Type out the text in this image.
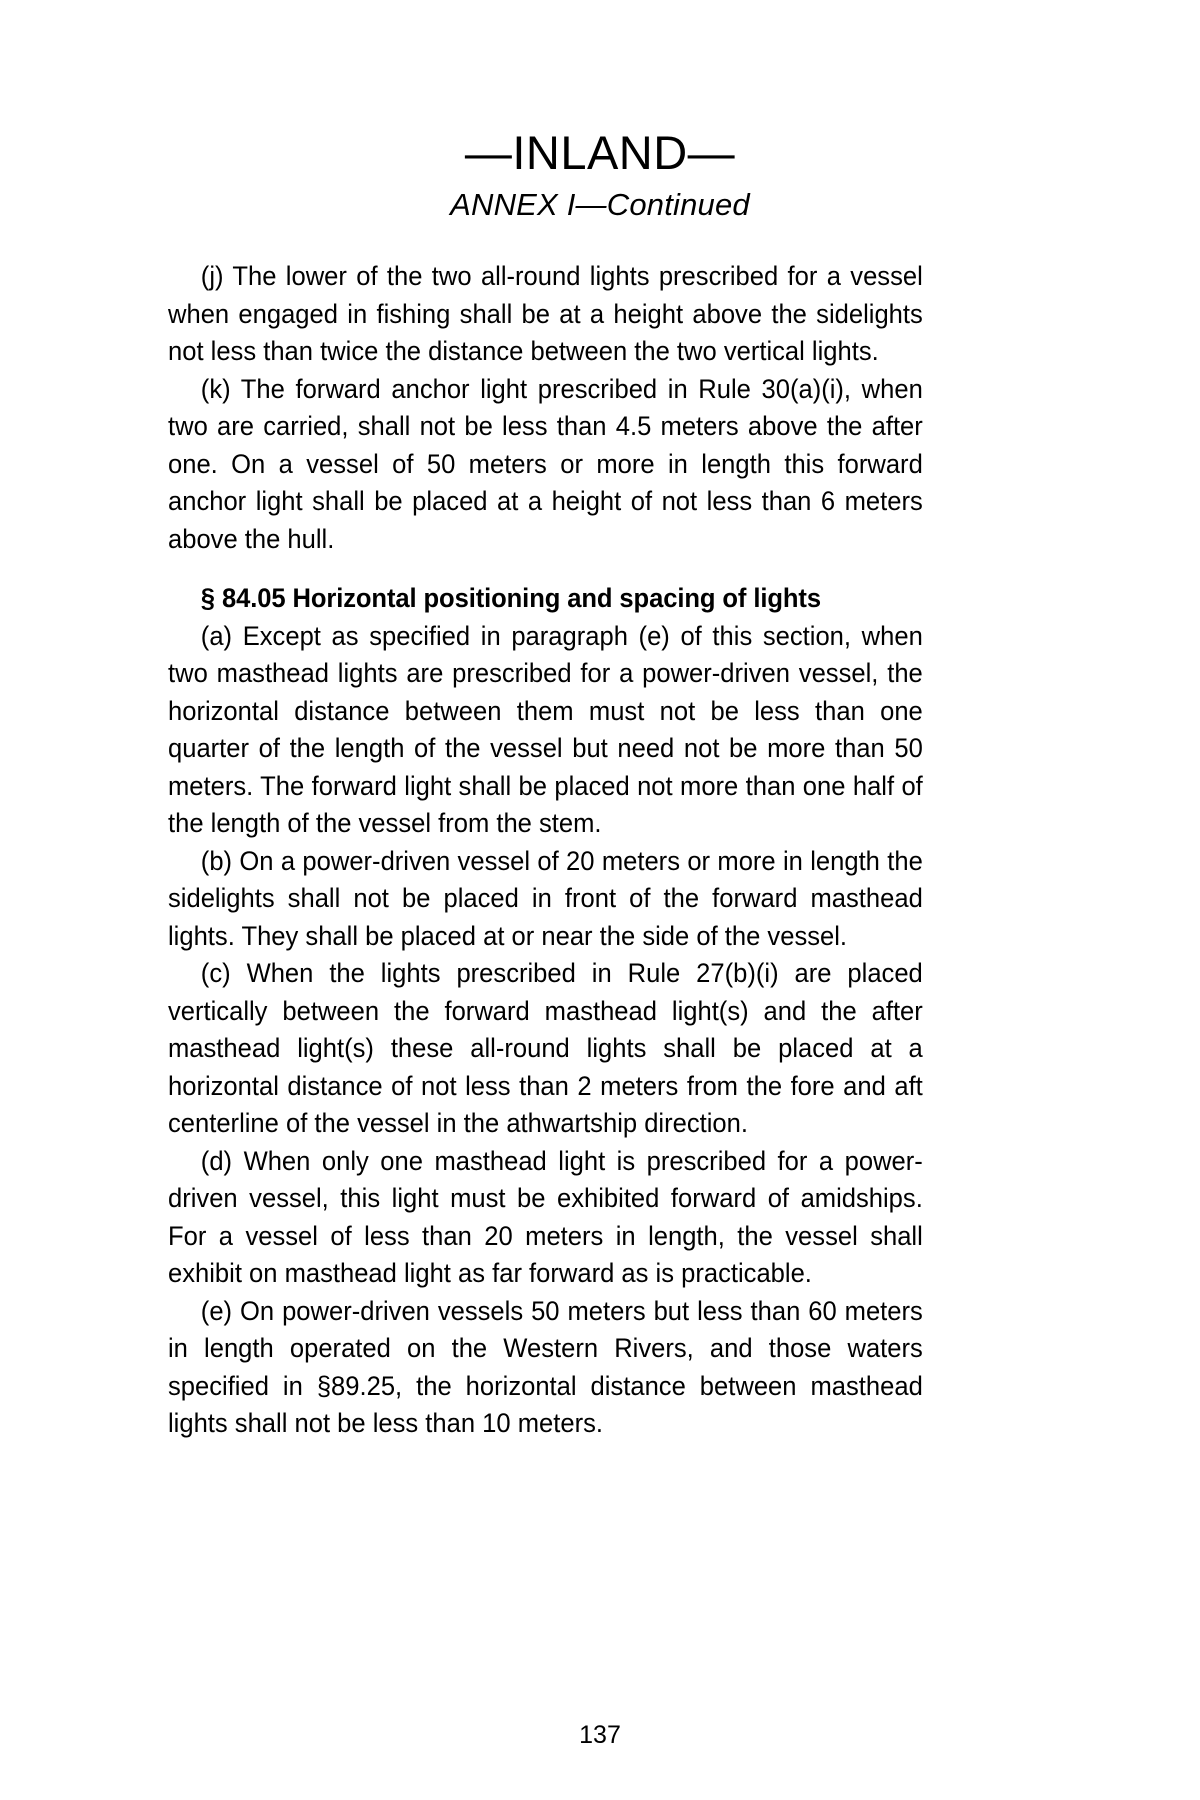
—INLAND—
ANNEX I—Continued

(j) The lower of the two all-round lights prescribed for a vessel when engaged in fishing shall be at a height above the sidelights not less than twice the distance between the two vertical lights.

(k) The forward anchor light prescribed in Rule 30(a)(i), when two are carried, shall not be less than 4.5 meters above the after one. On a vessel of 50 meters or more in length this forward anchor light shall be placed at a height of not less than 6 meters above the hull.

§ 84.05 Horizontal positioning and spacing of lights

(a) Except as specified in paragraph (e) of this section, when two masthead lights are prescribed for a power-driven vessel, the horizontal distance between them must not be less than one quarter of the length of the vessel but need not be more than 50 meters. The forward light shall be placed not more than one half of the length of the vessel from the stem.

(b) On a power-driven vessel of 20 meters or more in length the sidelights shall not be placed in front of the forward masthead lights. They shall be placed at or near the side of the vessel.

(c) When the lights prescribed in Rule 27(b)(i) are placed vertically between the forward masthead light(s) and the after masthead light(s) these all-round lights shall be placed at a horizontal distance of not less than 2 meters from the fore and aft centerline of the vessel in the athwartship direction.

(d) When only one masthead light is prescribed for a power-driven vessel, this light must be exhibited forward of amidships. For a vessel of less than 20 meters in length, the vessel shall exhibit on masthead light as far forward as is practicable.

(e) On power-driven vessels 50 meters but less than 60 meters in length operated on the Western Rivers, and those waters specified in §89.25, the horizontal distance between masthead lights shall not be less than 10 meters.

137
